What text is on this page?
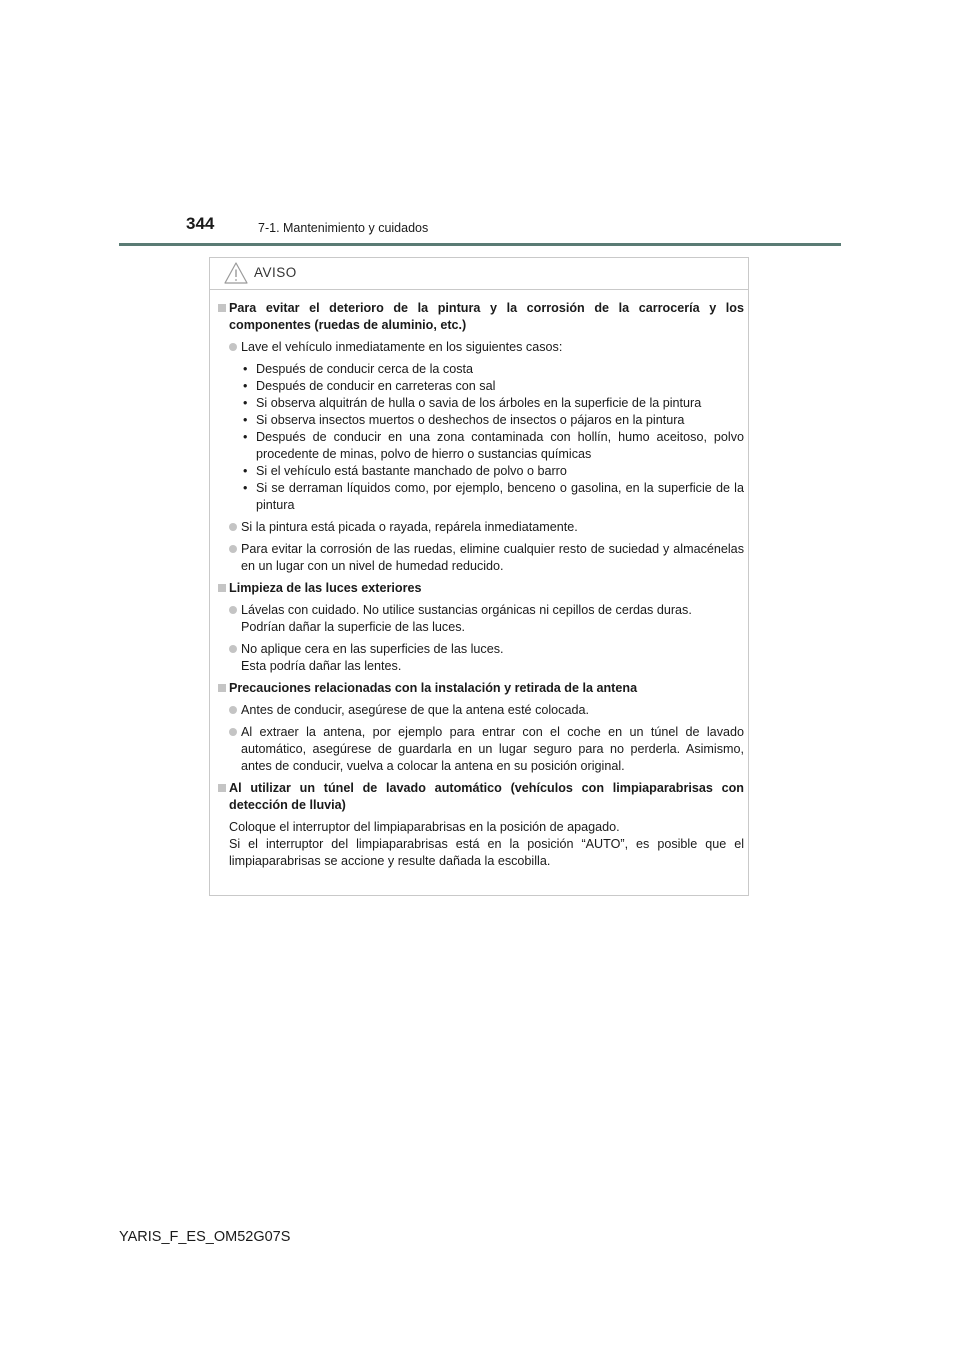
344	7-1. Mantenimiento y cuidados
AVISO
Para evitar el deterioro de la pintura y la corrosión de la carrocería y los componentes (ruedas de aluminio, etc.)
Lave el vehículo inmediatamente en los siguientes casos:
• Después de conducir cerca de la costa
• Después de conducir en carreteras con sal
• Si observa alquitrán de hulla o savia de los árboles en la superficie de la pintura
• Si observa insectos muertos o deshechos de insectos o pájaros en la pintura
• Después de conducir en una zona contaminada con hollín, humo aceitoso, polvo procedente de minas, polvo de hierro o sustancias químicas
• Si el vehículo está bastante manchado de polvo o barro
• Si se derraman líquidos como, por ejemplo, benceno o gasolina, en la superficie de la pintura
Si la pintura está picada o rayada, repárela inmediatamente.
Para evitar la corrosión de las ruedas, elimine cualquier resto de suciedad y almacénelas en un lugar con un nivel de humedad reducido.
Limpieza de las luces exteriores
Lávelas con cuidado. No utilice sustancias orgánicas ni cepillos de cerdas duras.
Podrían dañar la superficie de las luces.
No aplique cera en las superficies de las luces.
Esta podría dañar las lentes.
Precauciones relacionadas con la instalación y retirada de la antena
Antes de conducir, asegúrese de que la antena esté colocada.
Al extraer la antena, por ejemplo para entrar con el coche en un túnel de lavado automático, asegúrese de guardarla en un lugar seguro para no perderla. Asimismo, antes de conducir, vuelva a colocar la antena en su posición original.
Al utilizar un túnel de lavado automático (vehículos con limpiaparabrisas con detección de lluvia)
Coloque el interruptor del limpiaparabrisas en la posición de apagado.
Si el interruptor del limpiaparabrisas está en la posición “AUTO”, es posible que el limpiaparabrisas se accione y resulte dañada la escobilla.
YARIS_F_ES_OM52G07S
